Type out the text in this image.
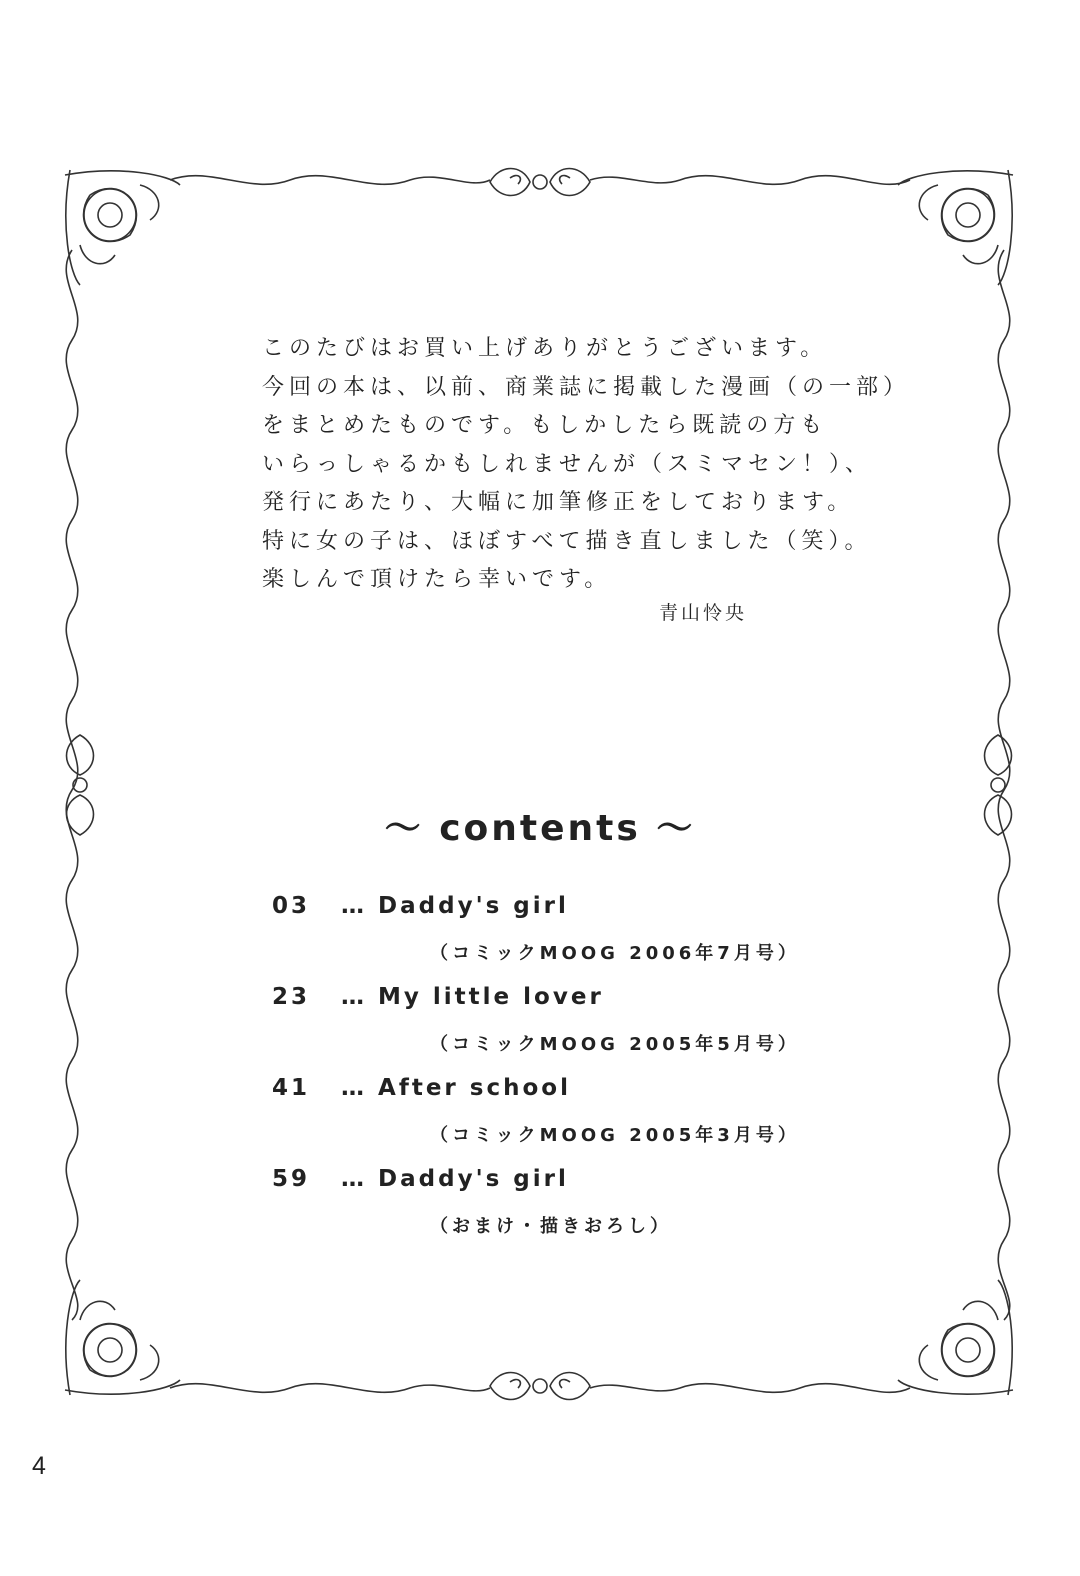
このたびはお買い上げありがとうございます。
今回の本は、以前、商業誌に掲載した漫画（の一部）
をまとめたものです。もしかしたら既読の方も
いらっしゃるかもしれませんが（スミマセン！）、
発行にあたり、大幅に加筆修正をしております。
特に女の子は、ほぼすべて描き直しました（笑）。
楽しんで頂けたら幸いです。
青山怜央
～ contents ～
03 … Daddy's girl
（コミックMOOG 2006年7月号）
23 … My little lover
（コミックMOOG 2005年5月号）
41 … After school
（コミックMOOG 2005年3月号）
59 … Daddy's girl
（おまけ・描きおろし）
4
